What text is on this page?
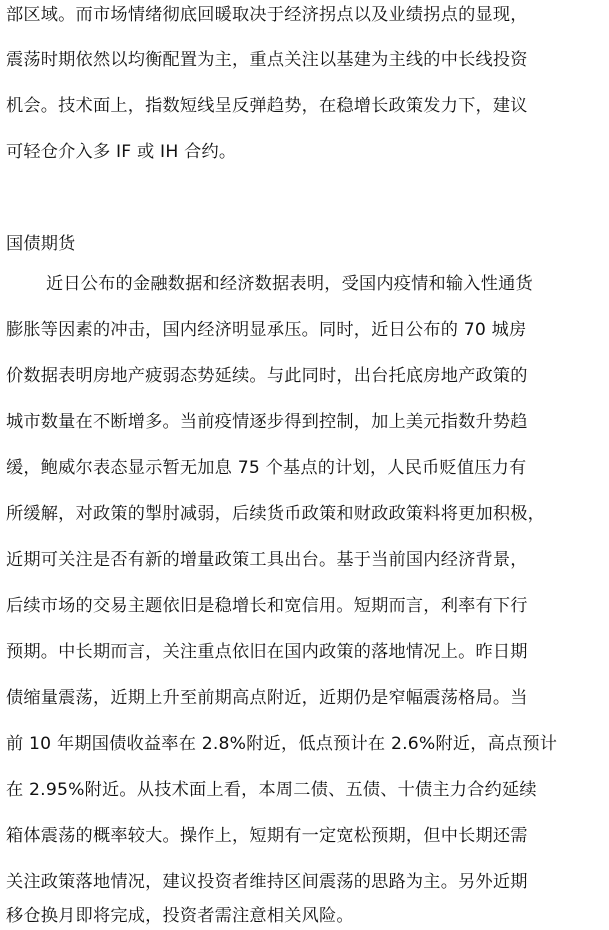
部区域。而市场情绪彻底回暖取决于经济拐点以及业绩拐点的显现，
震荡时期依然以均衡配置为主，重点关注以基建为主线的中长线投资
机会。技术面上，指数短线呈反弹趋势，在稳增长政策发力下，建议
可轻仓介入多 IF 或 IH 合约。
国债期货
近日公布的金融数据和经济数据表明，受国内疫情和输入性通货
膨胀等因素的冲击，国内经济明显承压。同时，近日公布的 70 城房
价数据表明房地产疲弱态势延续。与此同时，出台托底房地产政策的
城市数量在不断增多。当前疫情逐步得到控制，加上美元指数升势趋
缓，鲍威尔表态显示暂无加息 75 个基点的计划，人民币贬值压力有
所缓解，对政策的掣肘减弱，后续货币政策和财政政策料将更加积极，
近期可关注是否有新的增量政策工具出台。基于当前国内经济背景，
后续市场的交易主题依旧是稳增长和宽信用。短期而言，利率有下行
预期。中长期而言，关注重点依旧在国内政策的落地情况上。昨日期
债缩量震荡，近期上升至前期高点附近，近期仍是窄幅震荡格局。当
前 10 年期国债收益率在 2.8%附近，低点预计在 2.6%附近，高点预计
在 2.95%附近。从技术面上看，本周二债、五债、十债主力合约延续
箱体震荡的概率较大。操作上，短期有一定宽松预期，但中长期还需
关注政策落地情况，建议投资者维持区间震荡的思路为主。另外近期
移仓换月即将完成，投资者需注意相关风险。
